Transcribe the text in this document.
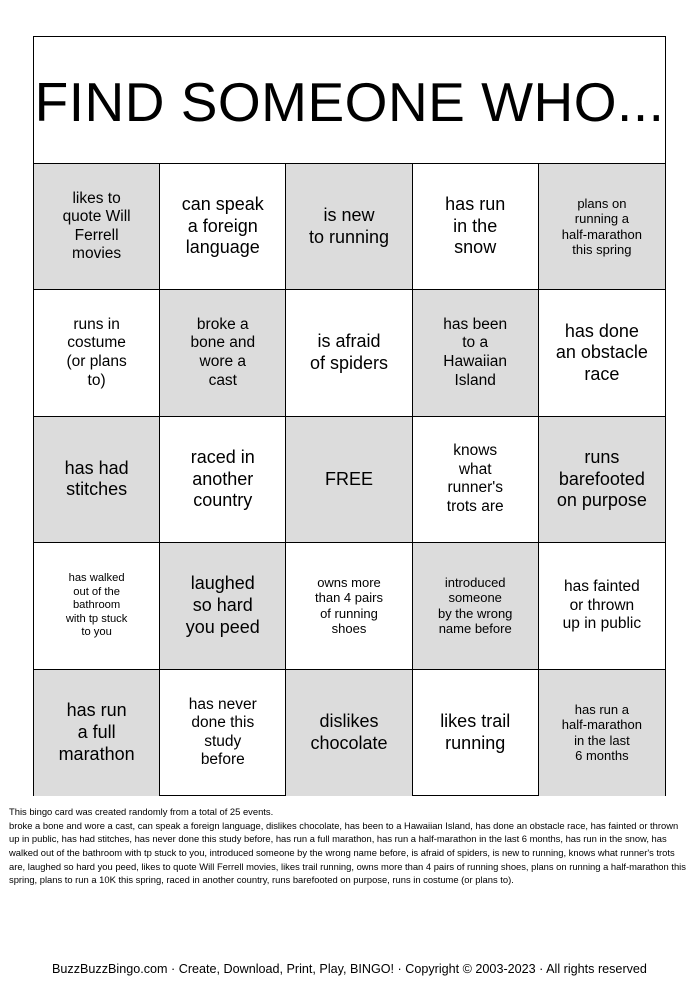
FIND SOMEONE WHO...
likes to
quote Will
Ferrell
movies
can speak
a foreign
language
is new
to running
has run
in the
snow
plans on
running a
half-marathon
this spring
runs in
costume
(or plans
to)
broke a
bone and
wore a
cast
is afraid
of spiders
has been
to a
Hawaiian
Island
has done
an obstacle
race
has had
stitches
raced in
another
country
FREE
knows
what
runner's
trots are
runs
barefooted
on purpose
has walked
out of the
bathroom
with tp stuck
to you
laughed
so hard
you peed
owns more
than 4 pairs
of running
shoes
introduced
someone
by the wrong
name before
has fainted
or thrown
up in public
has run
a full
marathon
has never
done this
study
before
dislikes
chocolate
likes trail
running
has run a
half-marathon
in the last
6 months
This bingo card was created randomly from a total of 25 events.
broke a bone and wore a cast, can speak a foreign language, dislikes chocolate, has been to a Hawaiian Island, has done an obstacle race, has fainted or thrown up in public, has had stitches, has never done this study before, has run a full marathon, has run a half-marathon in the last 6 months, has run in the snow, has walked out of the bathroom with tp stuck to you, introduced someone by the wrong name before, is afraid of spiders, is new to running, knows what runner's trots are, laughed so hard you peed, likes to quote Will Ferrell movies, likes trail running, owns more than 4 pairs of running shoes, plans on running a half-marathon this spring, plans to run a 10K this spring, raced in another country, runs barefooted on purpose, runs in costume (or plans to).
BuzzBuzzBingo.com · Create, Download, Print, Play, BINGO! · Copyright © 2003-2023 · All rights reserved
